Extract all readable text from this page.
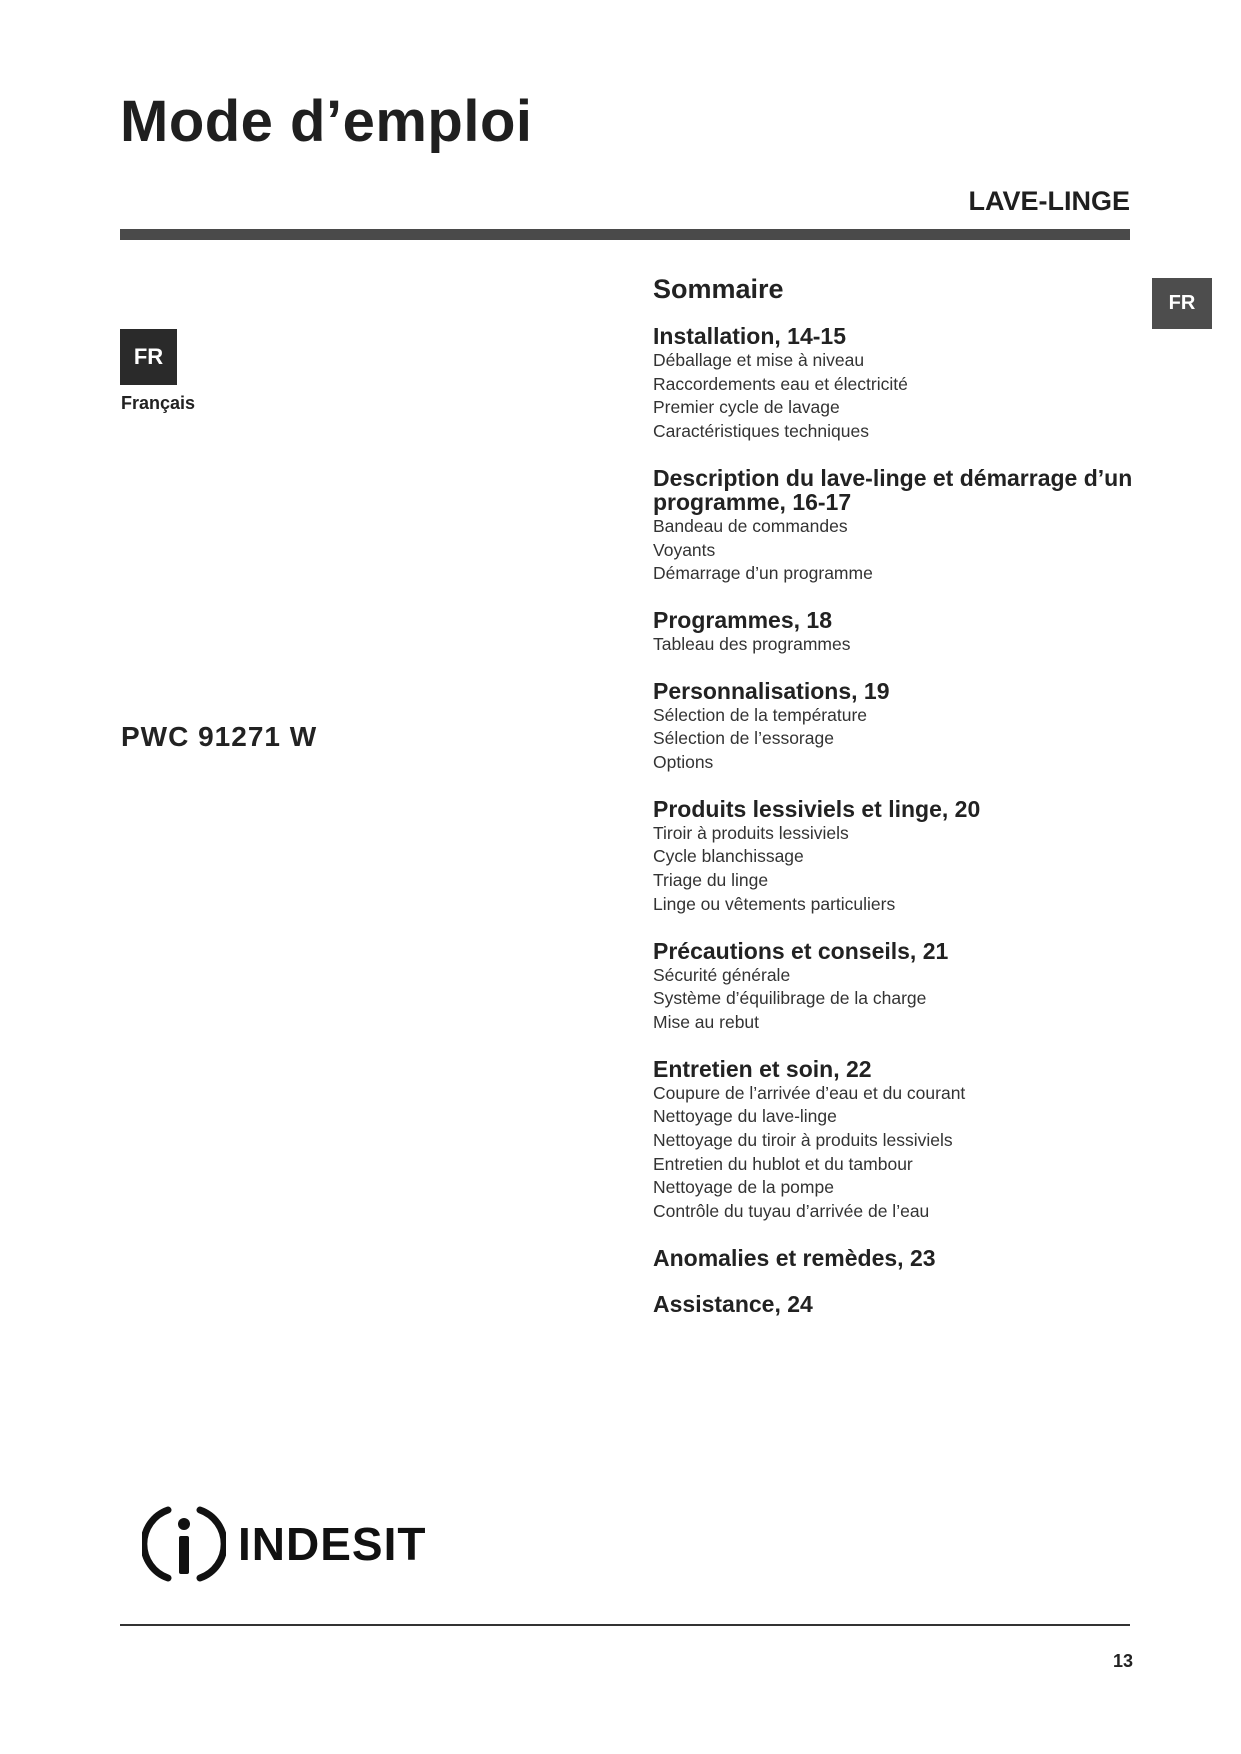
Mode d’emploi
LAVE-LINGE
FR
Français
PWC 91271 W
FR
Sommaire
Installation, 14-15
Déballage et mise à niveau
Raccordements eau et électricité
Premier cycle de lavage
Caractéristiques techniques
Description du lave-linge et démarrage d’un programme, 16-17
Bandeau de commandes
Voyants
Démarrage d’un programme
Programmes, 18
Tableau des programmes
Personnalisations, 19
Sélection de la température
Sélection de l’essorage
Options
Produits lessiviels et linge, 20
Tiroir à produits lessiviels
Cycle blanchissage
Triage du linge
Linge ou vêtements particuliers
Précautions et conseils, 21
Sécurité générale
Système d’équilibrage de la charge
Mise au rebut
Entretien et soin, 22
Coupure de l’arrivée d’eau et du courant
Nettoyage du lave-linge
Nettoyage du tiroir à produits lessiviels
Entretien du hublot et du tambour
Nettoyage de la pompe
Contrôle du tuyau d’arrivée de l’eau
Anomalies et remèdes, 23
Assistance, 24
INDESIT
13
